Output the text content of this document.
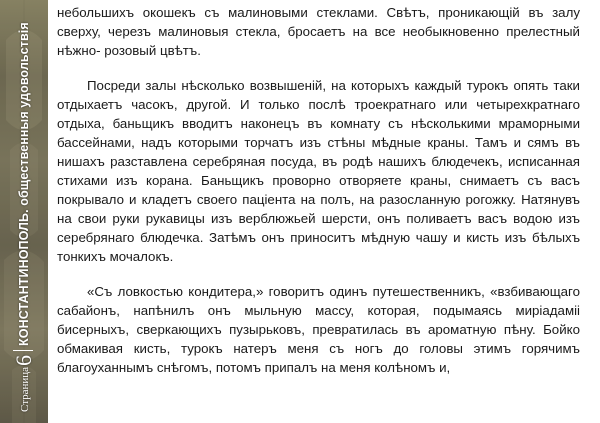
Страница6КОНСТАНТИНОПОЛЬ. общественныя удовольствія

небольшихъ окошекъ съ малиновыми стеклами. Свѣтъ, проникающій въ залу сверху, черезъ малиновыя стекла, бросаетъ на все необыкновенно прелестный нѣжно- розовый цвѣтъ.

Посреди залы нѣсколько возвышеній, на которыхъ каждый турокъ опять таки отдыхаетъ часокъ, другой. И только послѣ троекратнаго или четырехкратнаго отдыха, баньщикъ вводитъ наконецъ въ комнату съ нѣсколькими мраморными бассейнами, надъ которыми торчатъ изъ стѣны мѣдные краны. Тамъ и сямъ въ нишахъ разставлена серебряная посуда, въ родѣ нашихъ блюдечекъ, исписанная стихами изъ корана. Баньщикъ проворно отворяетe краны, снимаетъ съ васъ покрывало и кладетъ своего паціента на полъ, на разосланную рогожку. Натянувъ на свои руки рукавицы изъ верблюжьей шерсти, онъ поливаетъ васъ водою изъ серебрянаго блюдечка. Затѣмъ онъ приноситъ мѣдную чашу и кисть изъ бѣлыхъ тонкихъ мочалокъ.

«Съ ловкостью кондитера,» говоритъ одинъ путешественникъ, «взбивающаго сабайонъ, напѣнилъ онъ мыльную массу, которая, подымаясь миріадамii бисерныхъ, сверкающихъ пузырьковъ, превратилась въ ароматную пѣну. Бойко обмакивая кисть, турокъ натеръ меня съ ногъ до головы этимъ горячимъ благоуханнымъ снѣгомъ, потомъ припалъ на меня колѣномъ и,
